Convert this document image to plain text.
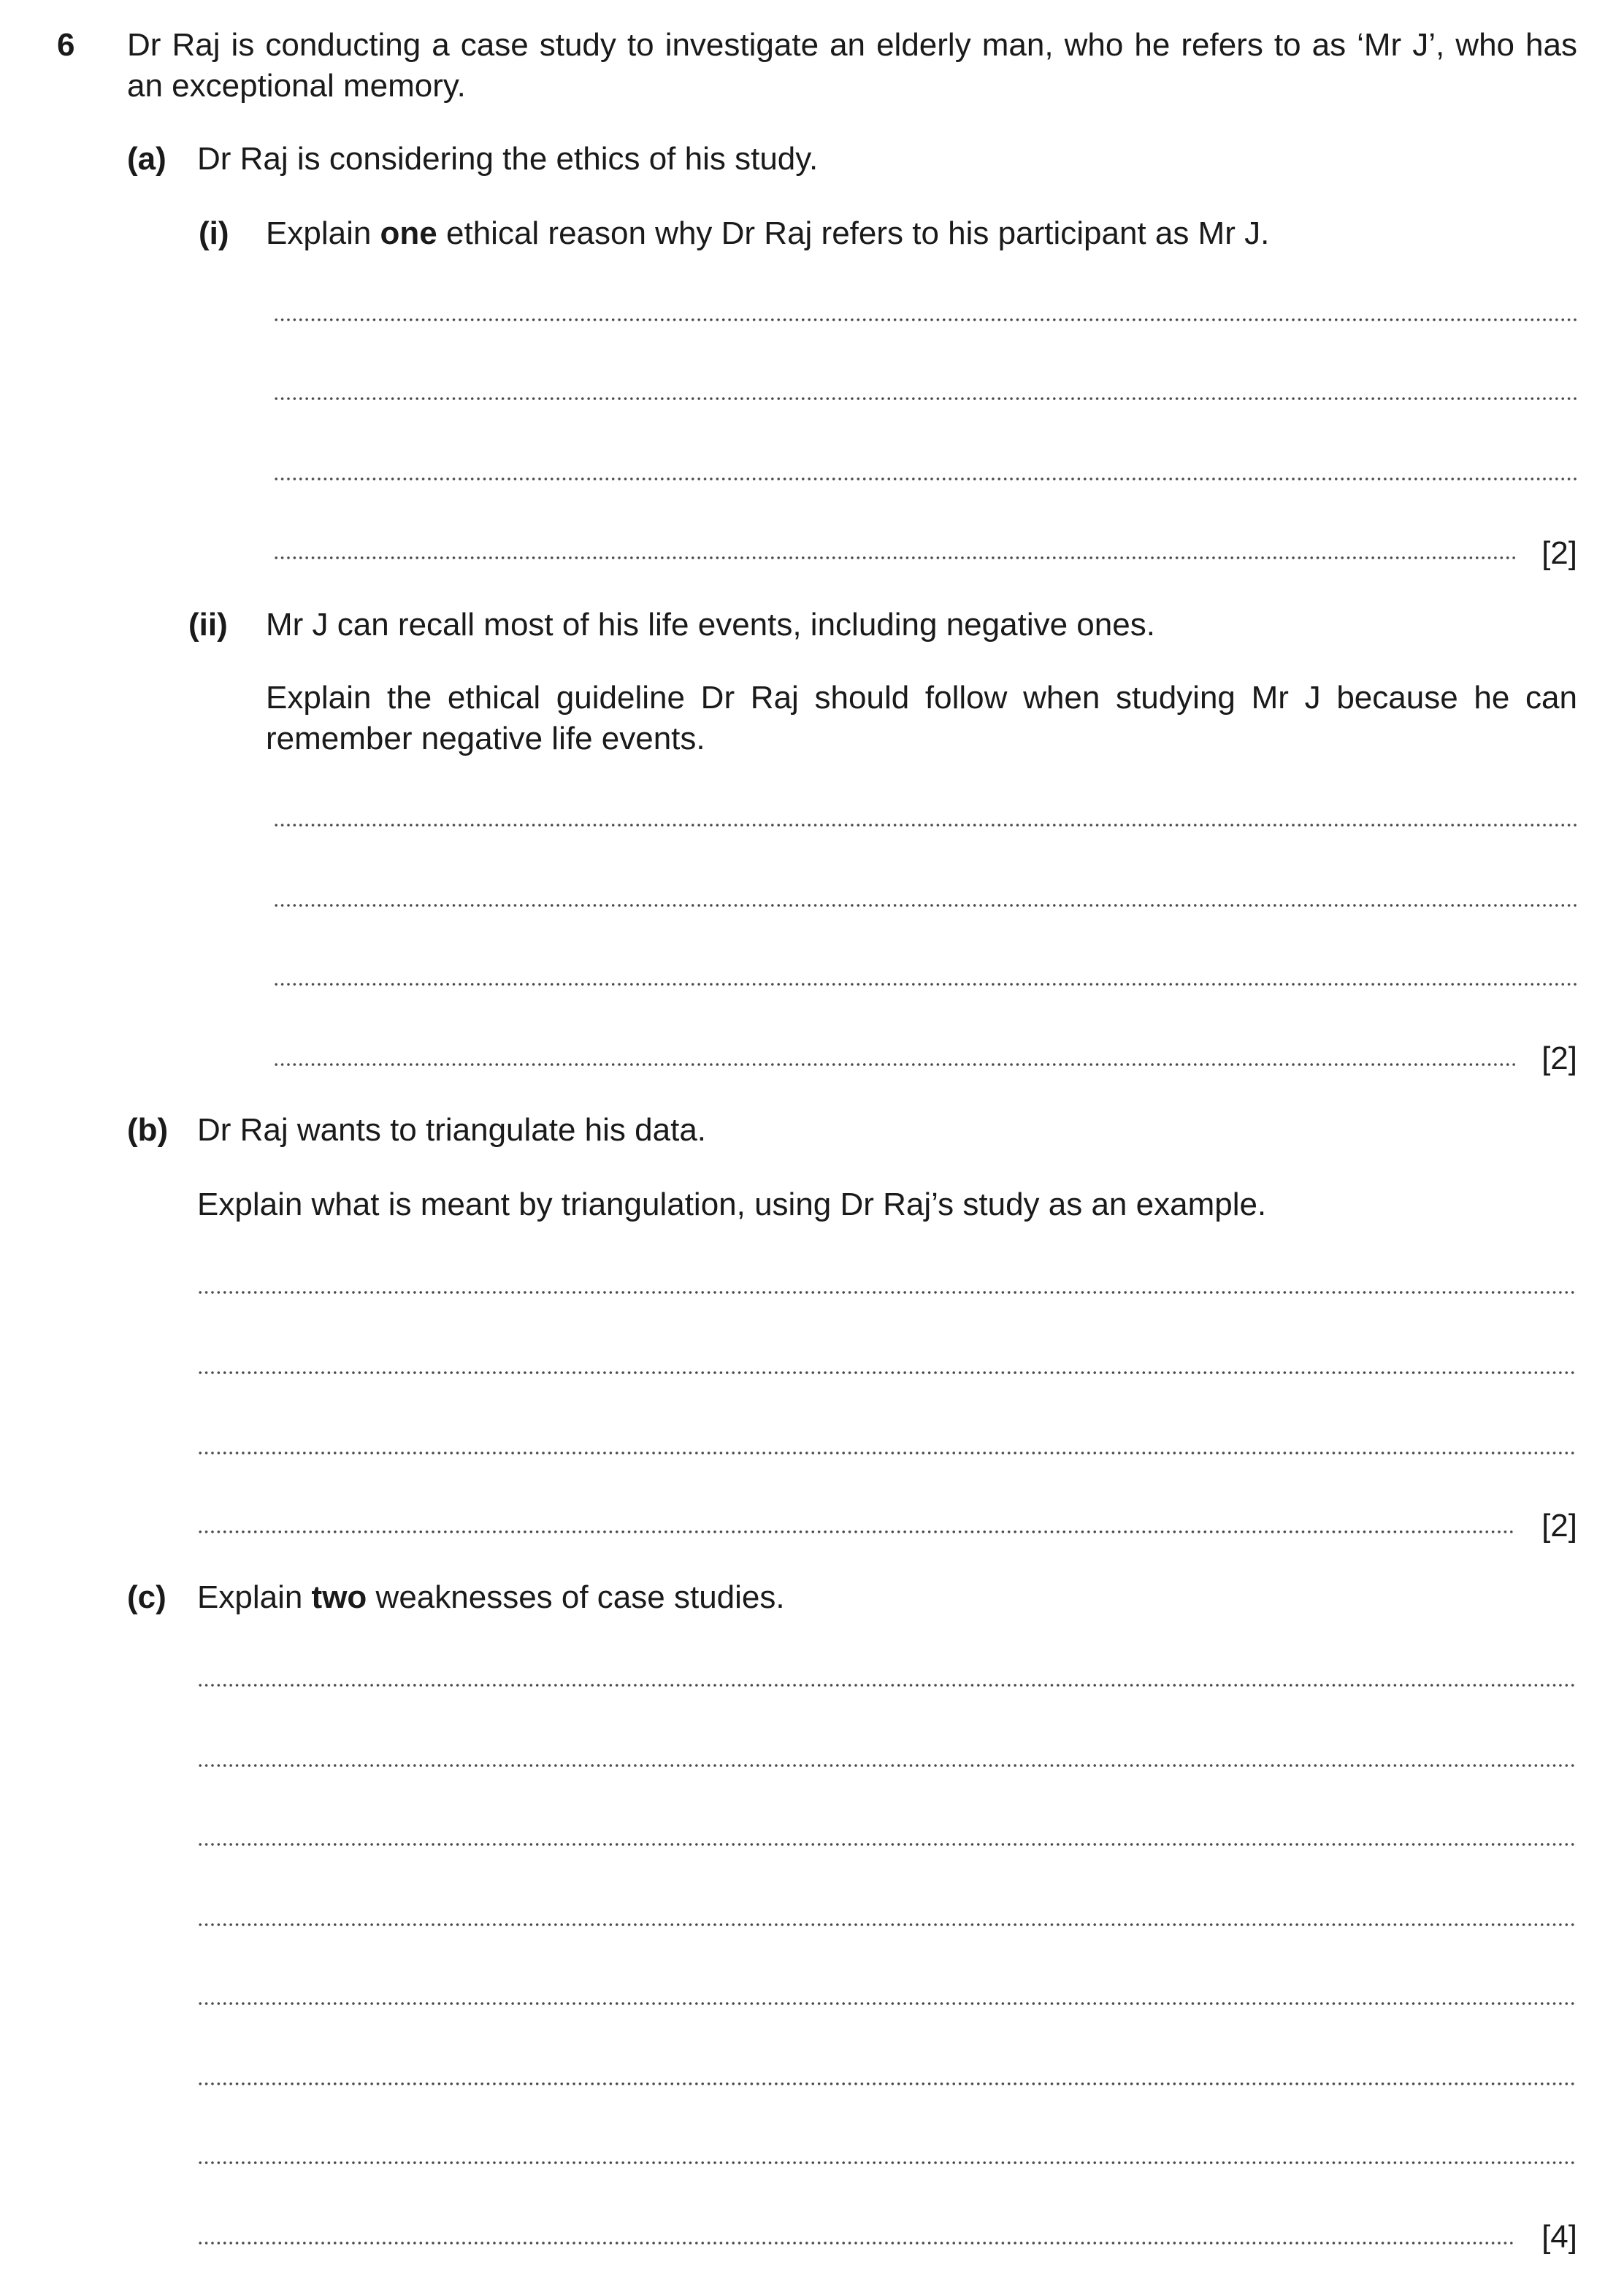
6 Dr Raj is conducting a case study to investigate an elderly man, who he refers to as ‘Mr J’, who has an exceptional memory.
(a) Dr Raj is considering the ethics of his study.
(i) Explain one ethical reason why Dr Raj refers to his participant as Mr J.
[2]
(ii) Mr J can recall most of his life events, including negative ones.
Explain the ethical guideline Dr Raj should follow when studying Mr J because he can remember negative life events.
[2]
(b) Dr Raj wants to triangulate his data.
Explain what is meant by triangulation, using Dr Raj’s study as an example.
[2]
(c) Explain two weaknesses of case studies.
[4]
